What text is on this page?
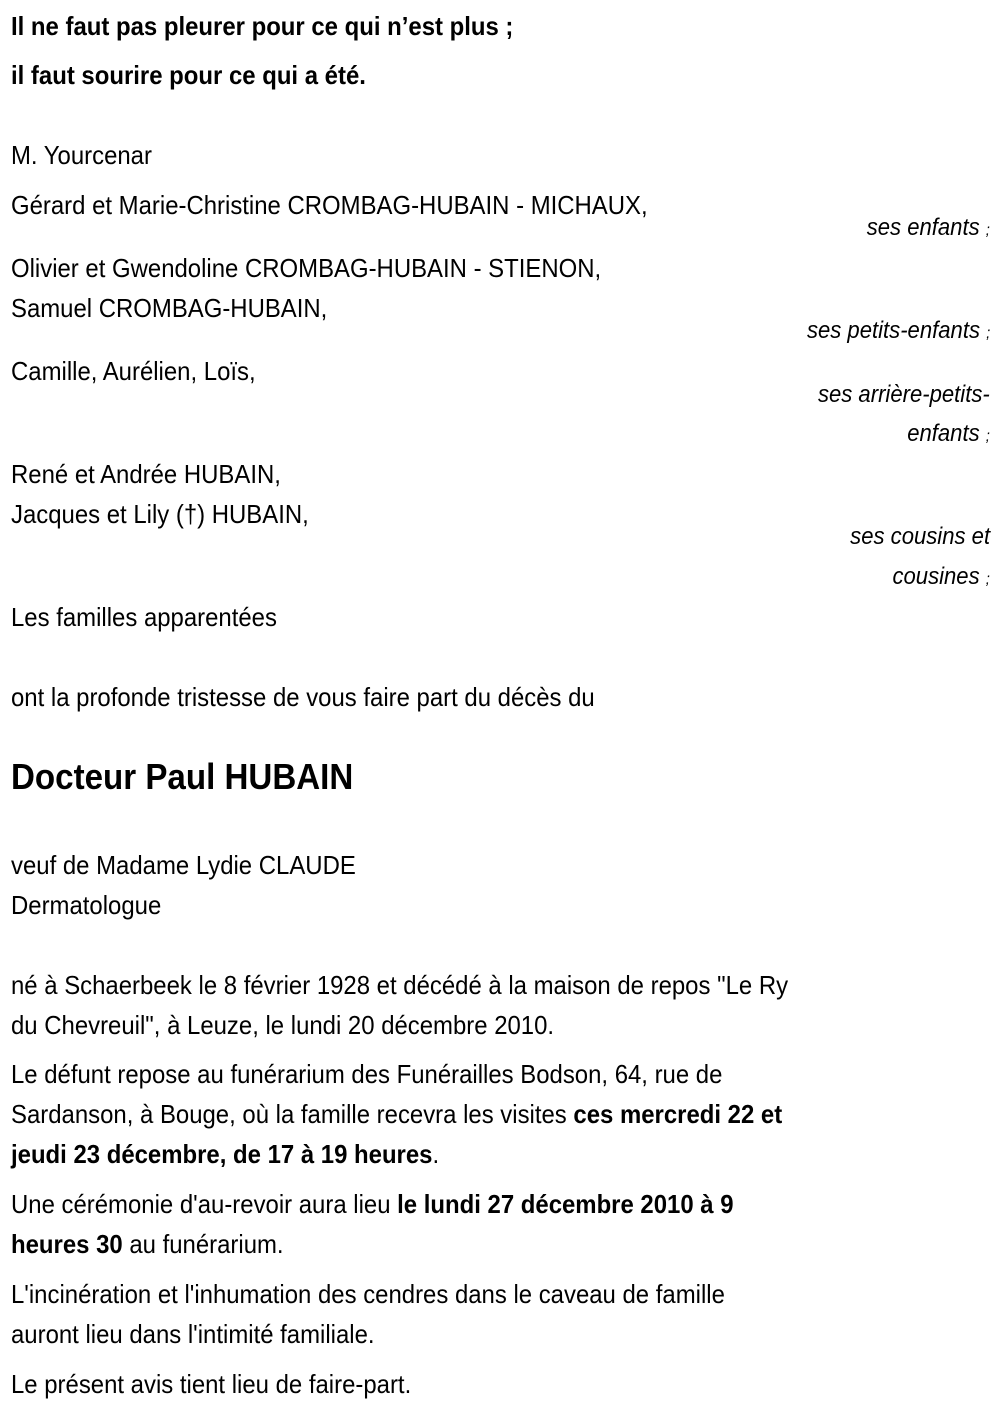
Il ne faut pas pleurer pour ce qui n’est plus ;
il faut sourire pour ce qui a été.
M. Yourcenar
Gérard et Marie-Christine CROMBAG-HUBAIN - MICHAUX,
ses enfants ;
Olivier et Gwendoline CROMBAG-HUBAIN - STIENON,
Samuel CROMBAG-HUBAIN,
ses petits-enfants ;
Camille, Aurélien, Loïs,
ses arrière-petits-
enfants ;
René et Andrée HUBAIN,
Jacques et Lily (†) HUBAIN,
ses cousins et
cousines ;
Les familles apparentées
ont la profonde tristesse de vous faire part du décès du
Docteur Paul HUBAIN
veuf de Madame Lydie CLAUDE
Dermatologue
né à Schaerbeek le 8 février 1928 et décédé à la maison de repos "Le Ry
du Chevreuil", à Leuze, le lundi 20 décembre 2010.
Le défunt repose au funérarium des Funérailles Bodson, 64, rue de
Sardanson, à Bouge, où la famille recevra les visites ces mercredi 22 et
jeudi 23 décembre, de 17 à 19 heures.
Une cérémonie d'au-revoir aura lieu le lundi 27 décembre 2010 à 9
heures 30 au funérarium.
L'incinération et l'inhumation des cendres dans le caveau de famille
auront lieu dans l'intimité familiale.
Le présent avis tient lieu de faire-part.
